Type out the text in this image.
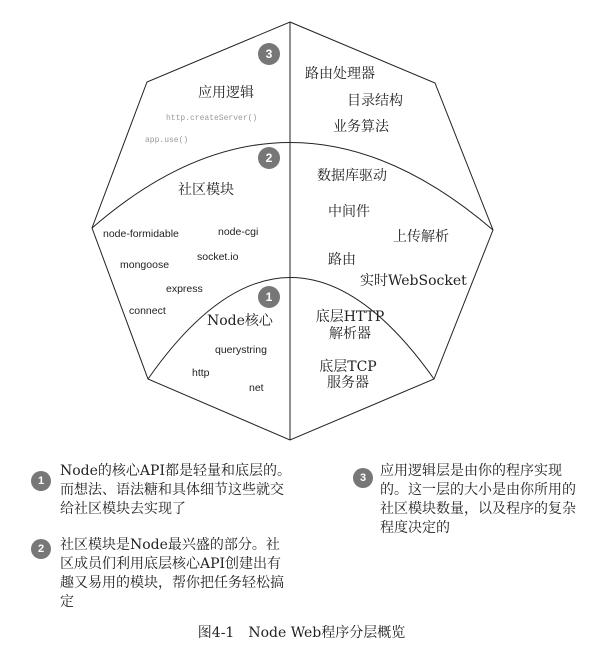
3
2
1
应用逻辑
http.createServer()
app.use()
路由处理器
目录结构
业务算法
社区模块
node-formidable	node-cgi
socket.io
mongoose
express
connect
数据库驱动
中间件
上传解析
路由
实时WebSocket
Node核心
querystring
http
net
底层HTTP
解析器
底层TCP
服务器
1
Node的核心API都是轻量和底层的。而想法、语法糖和具体细节这些就交给社区模块去实现了
2	社区模块是Node最兴盛的部分。社区成员们利用底层核心API创建出有趣又易用的模块，帮你把任务轻松搞定
3 应用逻辑层是由你的程序实现的。这一层的大小是由你所用的社区模块数量，以及程序的复杂程度决定的
图4-1　Node Web程序分层概览
